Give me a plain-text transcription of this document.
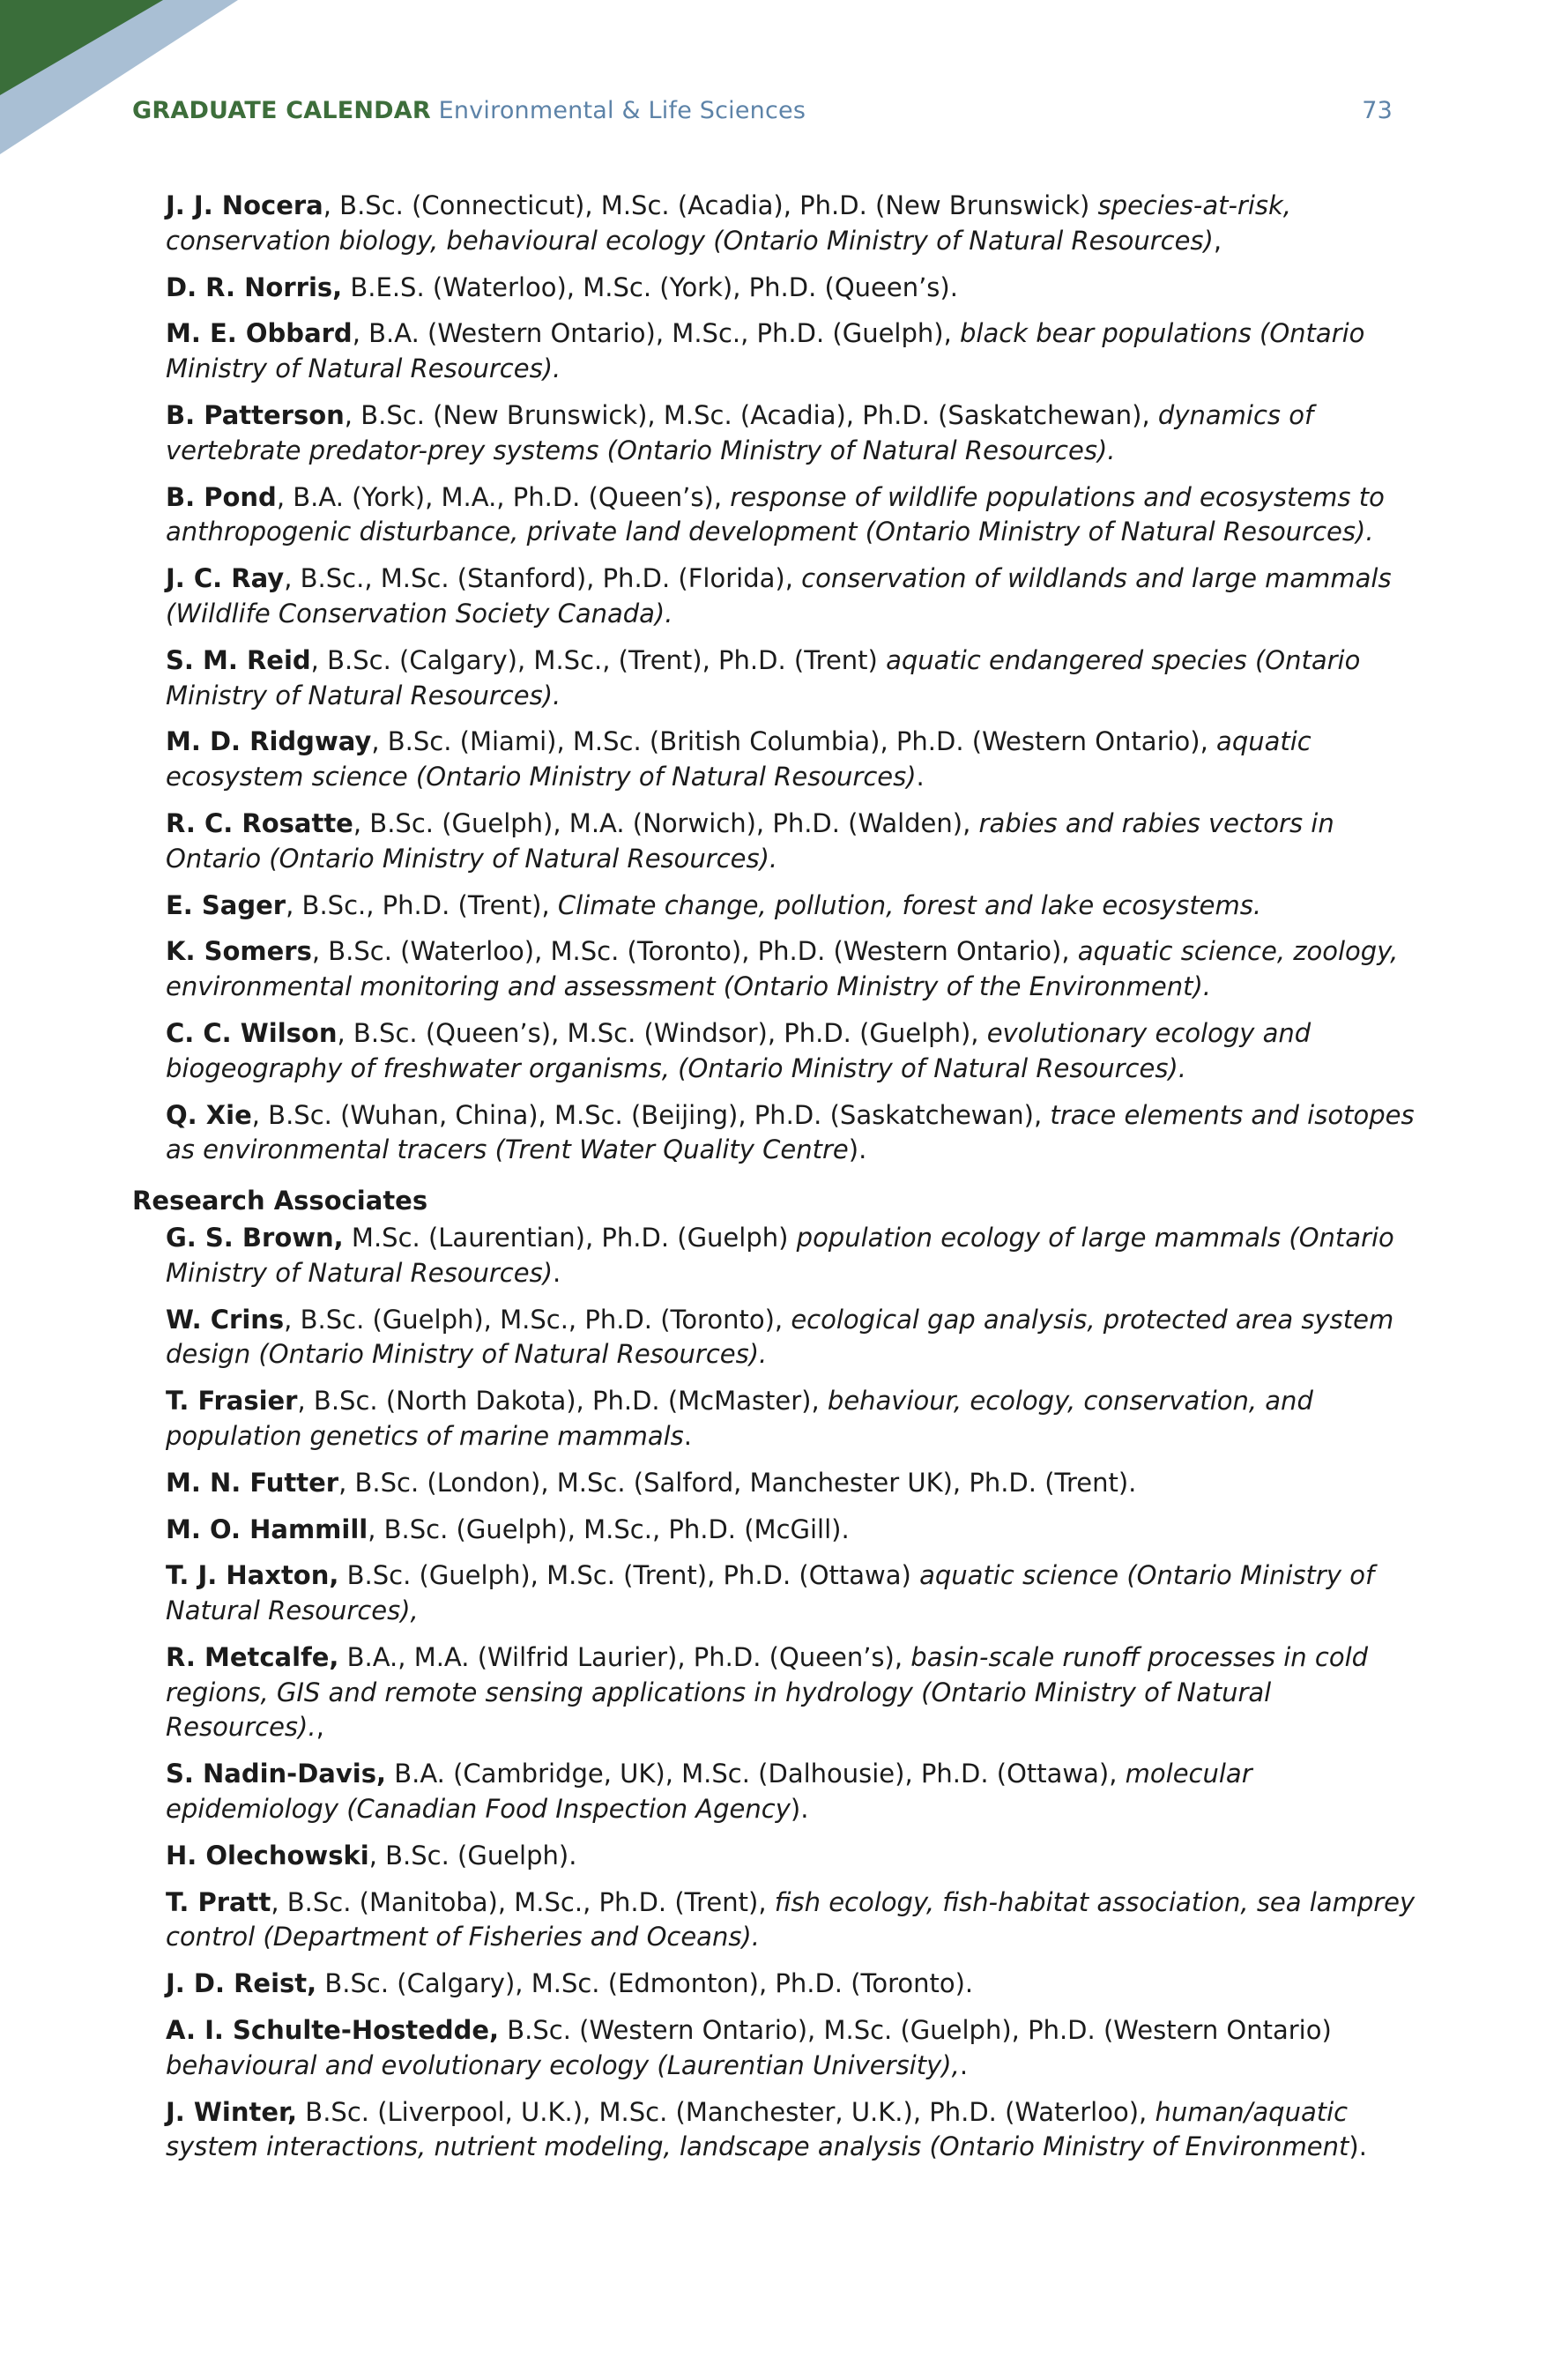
GRADUATE CALENDAR Environmental & Life Sciences	73
J. J. Nocera, B.Sc. (Connecticut), M.Sc. (Acadia), Ph.D. (New Brunswick) species-at-risk, conservation biology, behavioural ecology (Ontario Ministry of Natural Resources),
D. R. Norris, B.E.S. (Waterloo), M.Sc. (York), Ph.D. (Queen’s).
M. E. Obbard, B.A. (Western Ontario), M.Sc., Ph.D. (Guelph), black bear populations (Ontario Ministry of Natural Resources).
B. Patterson, B.Sc. (New Brunswick), M.Sc. (Acadia), Ph.D. (Saskatchewan), dynamics of vertebrate predator-prey systems (Ontario Ministry of Natural Resources).
B. Pond, B.A. (York), M.A., Ph.D. (Queen’s), response of wildlife populations and ecosystems to anthropogenic disturbance, private land development (Ontario Ministry of Natural Resources).
J. C. Ray, B.Sc., M.Sc. (Stanford), Ph.D. (Florida), conservation of wildlands and large mammals (Wildlife Conservation Society Canada).
S. M. Reid, B.Sc. (Calgary), M.Sc., (Trent), Ph.D. (Trent) aquatic endangered species (Ontario Ministry of Natural Resources).
M. D. Ridgway, B.Sc. (Miami), M.Sc. (British Columbia), Ph.D. (Western Ontario), aquatic ecosystem science (Ontario Ministry of Natural Resources).
R. C. Rosatte, B.Sc. (Guelph), M.A. (Norwich), Ph.D. (Walden), rabies and rabies vectors in Ontario (Ontario Ministry of Natural Resources).
E. Sager, B.Sc., Ph.D. (Trent), Climate change, pollution, forest and lake ecosystems.
K. Somers, B.Sc. (Waterloo), M.Sc. (Toronto), Ph.D. (Western Ontario), aquatic science, zoology, environmental monitoring and assessment (Ontario Ministry of the Environment).
C. C. Wilson, B.Sc. (Queen’s), M.Sc. (Windsor), Ph.D. (Guelph), evolutionary ecology and biogeography of freshwater organisms, (Ontario Ministry of Natural Resources).
Q. Xie, B.Sc. (Wuhan, China), M.Sc. (Beijing), Ph.D. (Saskatchewan), trace elements and isotopes as environmental tracers (Trent Water Quality Centre).
Research Associates
G. S. Brown, M.Sc. (Laurentian), Ph.D. (Guelph) population ecology of large mammals (Ontario Ministry of Natural Resources).
W. Crins, B.Sc. (Guelph), M.Sc., Ph.D. (Toronto), ecological gap analysis, protected area system design (Ontario Ministry of Natural Resources).
T. Frasier, B.Sc. (North Dakota), Ph.D. (McMaster), behaviour, ecology, conservation, and population genetics of marine mammals.
M. N. Futter, B.Sc. (London), M.Sc. (Salford, Manchester UK), Ph.D. (Trent).
M. O. Hammill, B.Sc. (Guelph), M.Sc., Ph.D. (McGill).
T. J. Haxton, B.Sc. (Guelph), M.Sc. (Trent), Ph.D. (Ottawa) aquatic science (Ontario Ministry of Natural Resources),
R. Metcalfe, B.A., M.A. (Wilfrid Laurier), Ph.D. (Queen’s), basin-scale runoff processes in cold regions, GIS and remote sensing applications in hydrology (Ontario Ministry of Natural Resources).,
S. Nadin-Davis, B.A. (Cambridge, UK), M.Sc. (Dalhousie), Ph.D. (Ottawa), molecular epidemiology (Canadian Food Inspection Agency).
H. Olechowski, B.Sc. (Guelph).
T. Pratt, B.Sc. (Manitoba), M.Sc., Ph.D. (Trent), fish ecology, fish-habitat association, sea lamprey control (Department of Fisheries and Oceans).
J. D. Reist, B.Sc. (Calgary), M.Sc. (Edmonton), Ph.D. (Toronto).
A. I. Schulte-Hostedde, B.Sc. (Western Ontario), M.Sc. (Guelph), Ph.D. (Western Ontario) behavioural and evolutionary ecology (Laurentian University),.
J. Winter, B.Sc. (Liverpool, U.K.), M.Sc. (Manchester, U.K.), Ph.D. (Waterloo), human/aquatic system interactions, nutrient modeling, landscape analysis (Ontario Ministry of Environment).
